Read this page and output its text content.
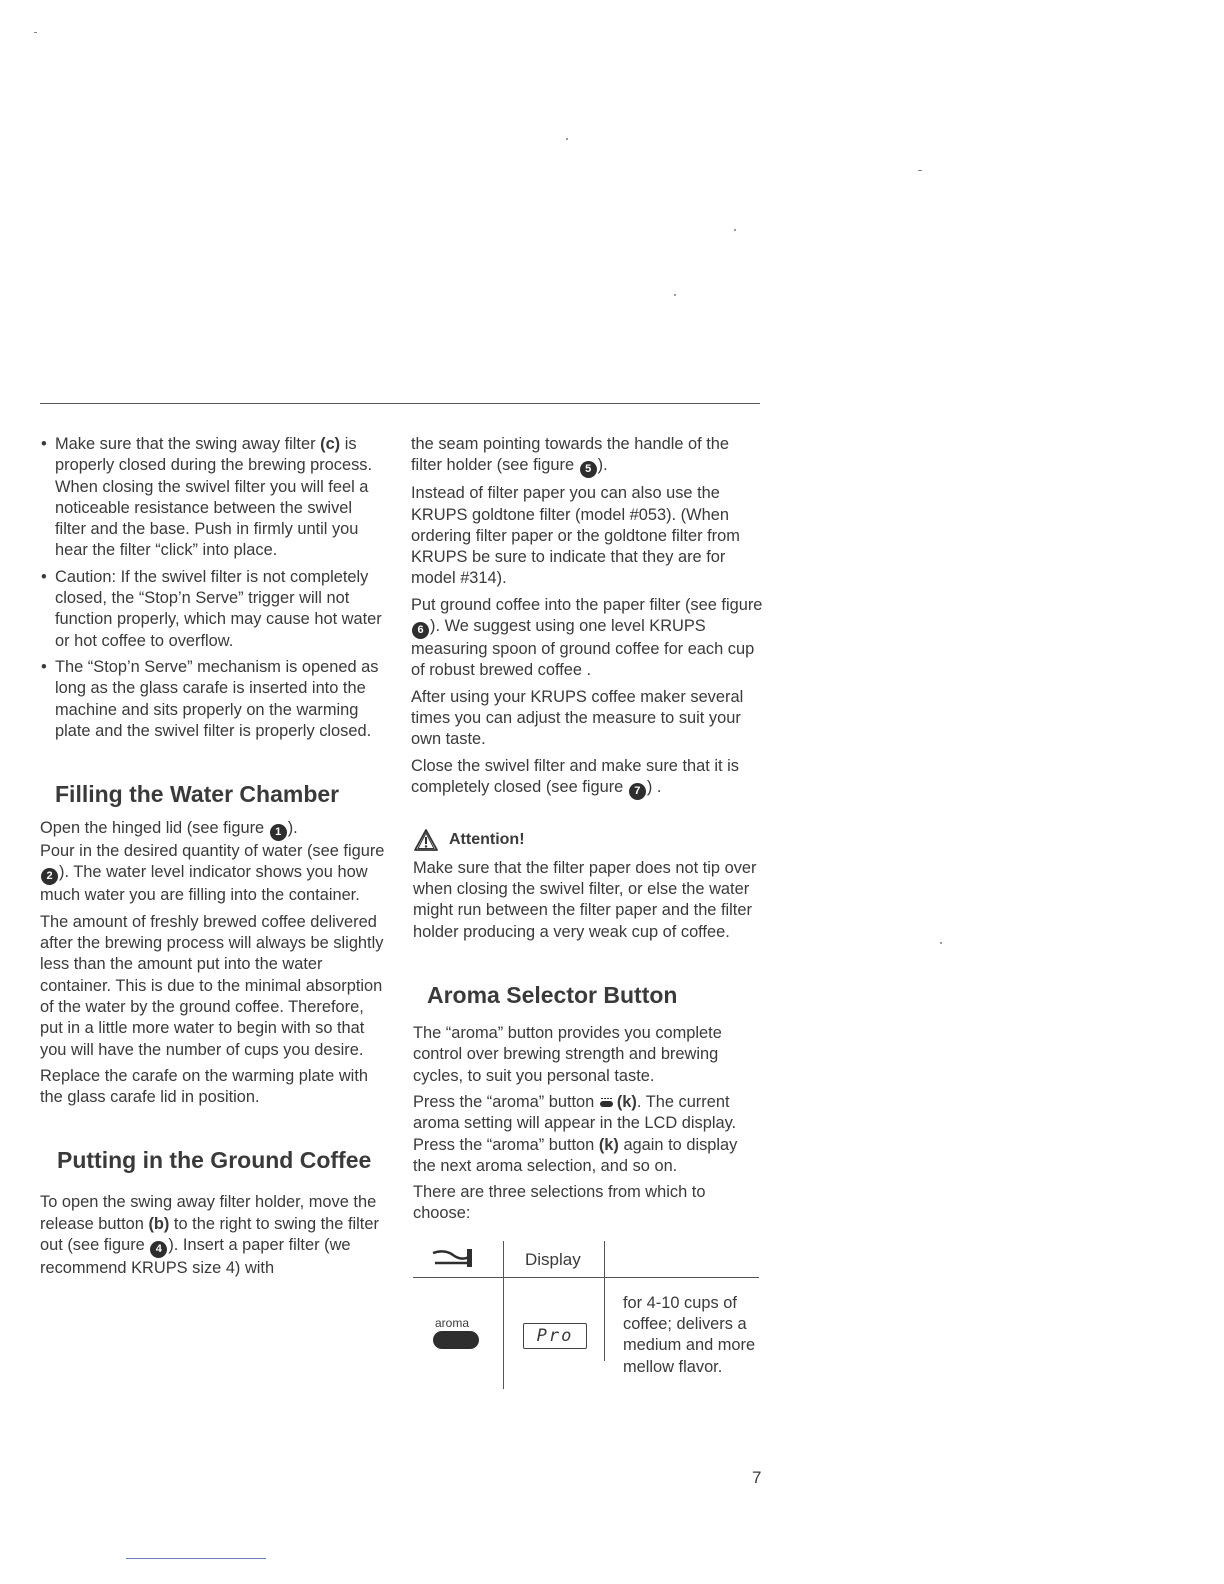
• Make sure that the swing away filter (c) is properly closed during the brewing process. When closing the swivel filter you will feel a noticeable resistance between the swivel filter and the base. Push in firmly until you hear the filter “click” into place.
• Caution: If the swivel filter is not completely closed, the “Stop’n Serve” trigger will not function properly, which may cause hot water or hot coffee to overflow.
• The “Stop’n Serve” mechanism is opened as long as the glass carafe is inserted into the machine and sits properly on the warming plate and the swivel filter is properly closed.
Filling the Water Chamber

Open the hinged lid (see figure 1 ).

Pour in the desired quantity of water (see figure 2 ). The water level indicator shows you how much water you are filling into the container.

The amount of freshly brewed coffee delivered after the brewing process will always be slightly less than the amount put into the water container. This is due to the minimal absorption of the water by the ground coffee. Therefore, put in a little more water to begin with so that you will have the number of cups you desire.

Replace the carafe on the warming plate with the glass carafe lid in position.

Putting in the Ground Coffee

To open the swing away filter holder, move the release button (b) to the right to swing the filter out (see figure 4 ). Insert a paper filter (we recommend KRUPS size 4) with

the seam pointing towards the handle of the filter holder (see figure 5 ).

Instead of filter paper you can also use the KRUPS goldtone filter (model #053). (When ordering filter paper or the goldtone filter from KRUPS be sure to indicate that they are for model #314).

Put ground coffee into the paper filter (see figure 6 ). We suggest using one level KRUPS measuring spoon of ground coffee for each cup of robust brewed coffee .

After using your KRUPS coffee maker several times you can adjust the measure to suit your own taste.

Close the swivel filter and make sure that it is completely closed (see figure 7 ) .

Attention!

Make sure that the filter paper does not tip over when closing the swivel filter, or else the water might run between the filter paper and the filter holder producing a very weak cup of coffee.

Aroma Selector Button

The “aroma” button provides you complete control over brewing strength and brewing cycles, to suit you personal taste.

Press the “aroma” button (k). The current aroma setting will appear in the LCD display. Press the “aroma” button (k) again to display the next aroma selection, and so on.

There are three selections from which to choose:

Display
aroma
Pro
for 4-10 cups of coffee; delivers a medium and more mellow flavor.
7
